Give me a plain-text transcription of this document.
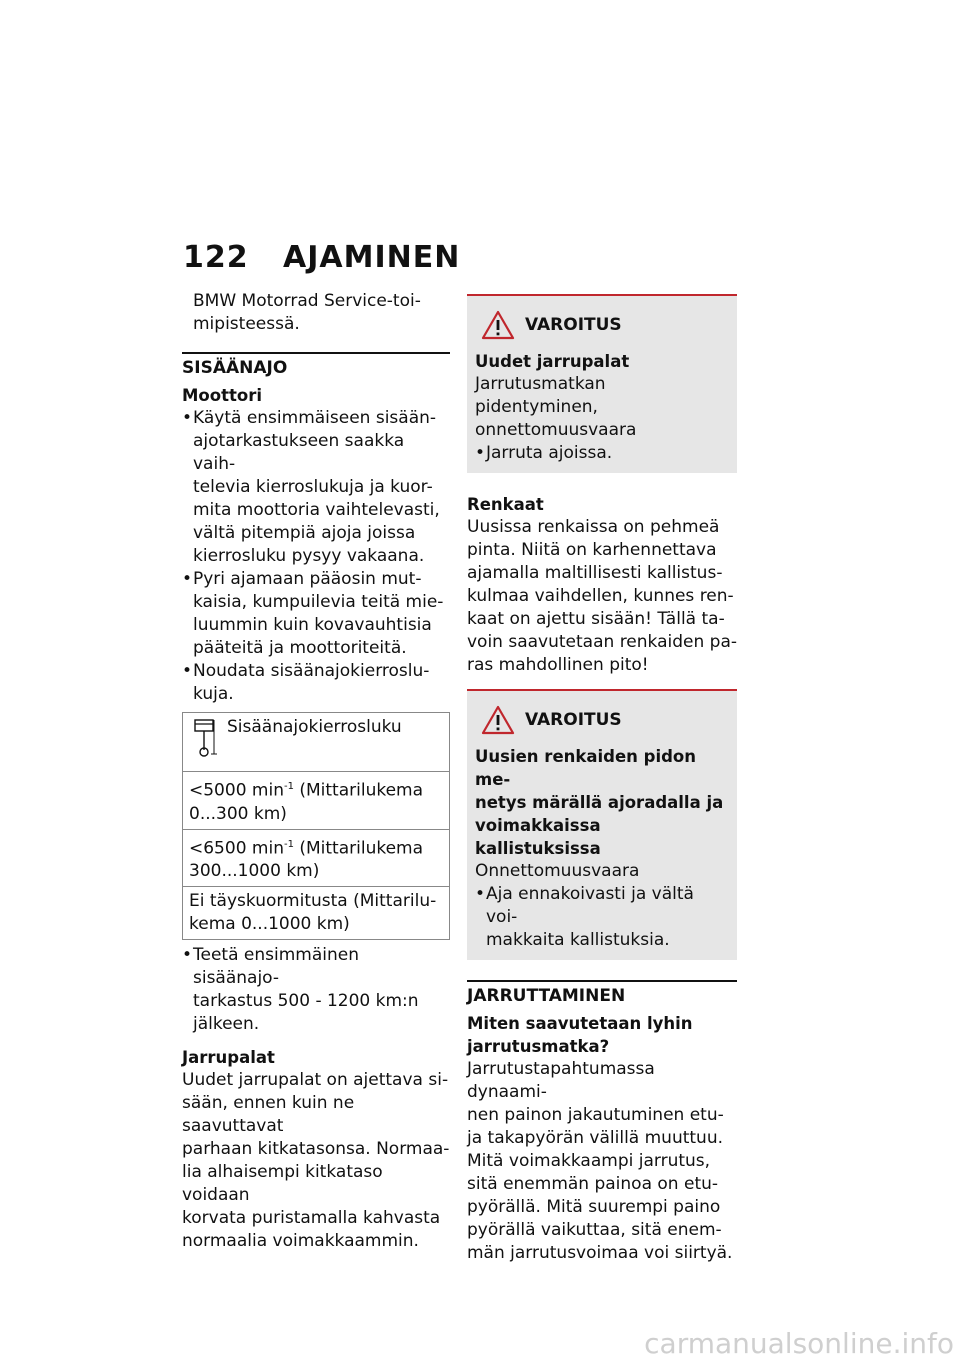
122 AJAMINEN

BMW Motorrad Service-toi-

mipisteessä.

SISÄÄNAJO
Moottori
• Käytä ensimmäiseen sisään-
ajotarkastukseen saakka vaih-
televia kierroslukuja ja kuor-
mita moottoria vaihtelevasti,
vältä pitempiä ajoja joissa
kierrosluku pysyy vakaana.
• Pyri ajamaan pääosin mut-
kaisia, kumpuilevia teitä mie-
luummin kuin kovavauhtisia
pääteitä ja moottoriteitä.
• Noudata sisäänajokierroslu-
kuja.
Sisäänajokierrosluku
<5000 $\min^{-1}$ (Mittarilukema
0...300 km)
<6500 $\min^{-1}$ (Mittarilukema
300...1000 km)
Ei täyskuormitusta (Mittarilu-
kema 0...1000 km)
• Teetä ensimmäinen sisäänajo-
tarkastus 500 - 1200 km:n
jälkeen.
Jarrupalat

Uudet jarrupalat on ajettava si-

sään, ennen kuin ne saavuttavat

parhaan kitkatasonsa. Normaa-

lia alhaisempi kitkataso voidaan

korvata puristamalla kahvasta

normaalia voimakkaammin.

VAROITUS
Uudet jarrupalat

Jarrutusmatkan pidentyminen,

onnettomuusvaara

• Jarruta ajoissa.
Renkaat

Uusissa renkaissa on pehmeä

pinta. Niitä on karhennettava

ajamalla maltillisesti kallistus-

kulmaa vaihdellen, kunnes ren-

kaat on ajettu sisään! Tällä ta-

voin saavutetaan renkaiden pa-

ras mahdollinen pito!

VAROITUS

Uusien renkaiden pidon me-

netys märällä ajoradalla ja

voimakkaissa kallistuksissa

Onnettomuusvaara
• Aja ennakoivasti ja vältä voi-
makkaita kallistuksia.
JARRUTTAMINEN

Miten saavutetaan lyhin

jarrutusmatka?

Jarrutustapahtumassa dynaami-

nen painon jakautuminen etu-

ja takapyörän välillä muuttuu.

Mitä voimakkaampi jarrutus,

sitä enemmän painoa on etu-

pyörällä. Mitä suurempi paino

pyörällä vaikuttaa, sitä enem-

män jarrutusvoimaa voi siirtyä.

carmanualsonline.info
